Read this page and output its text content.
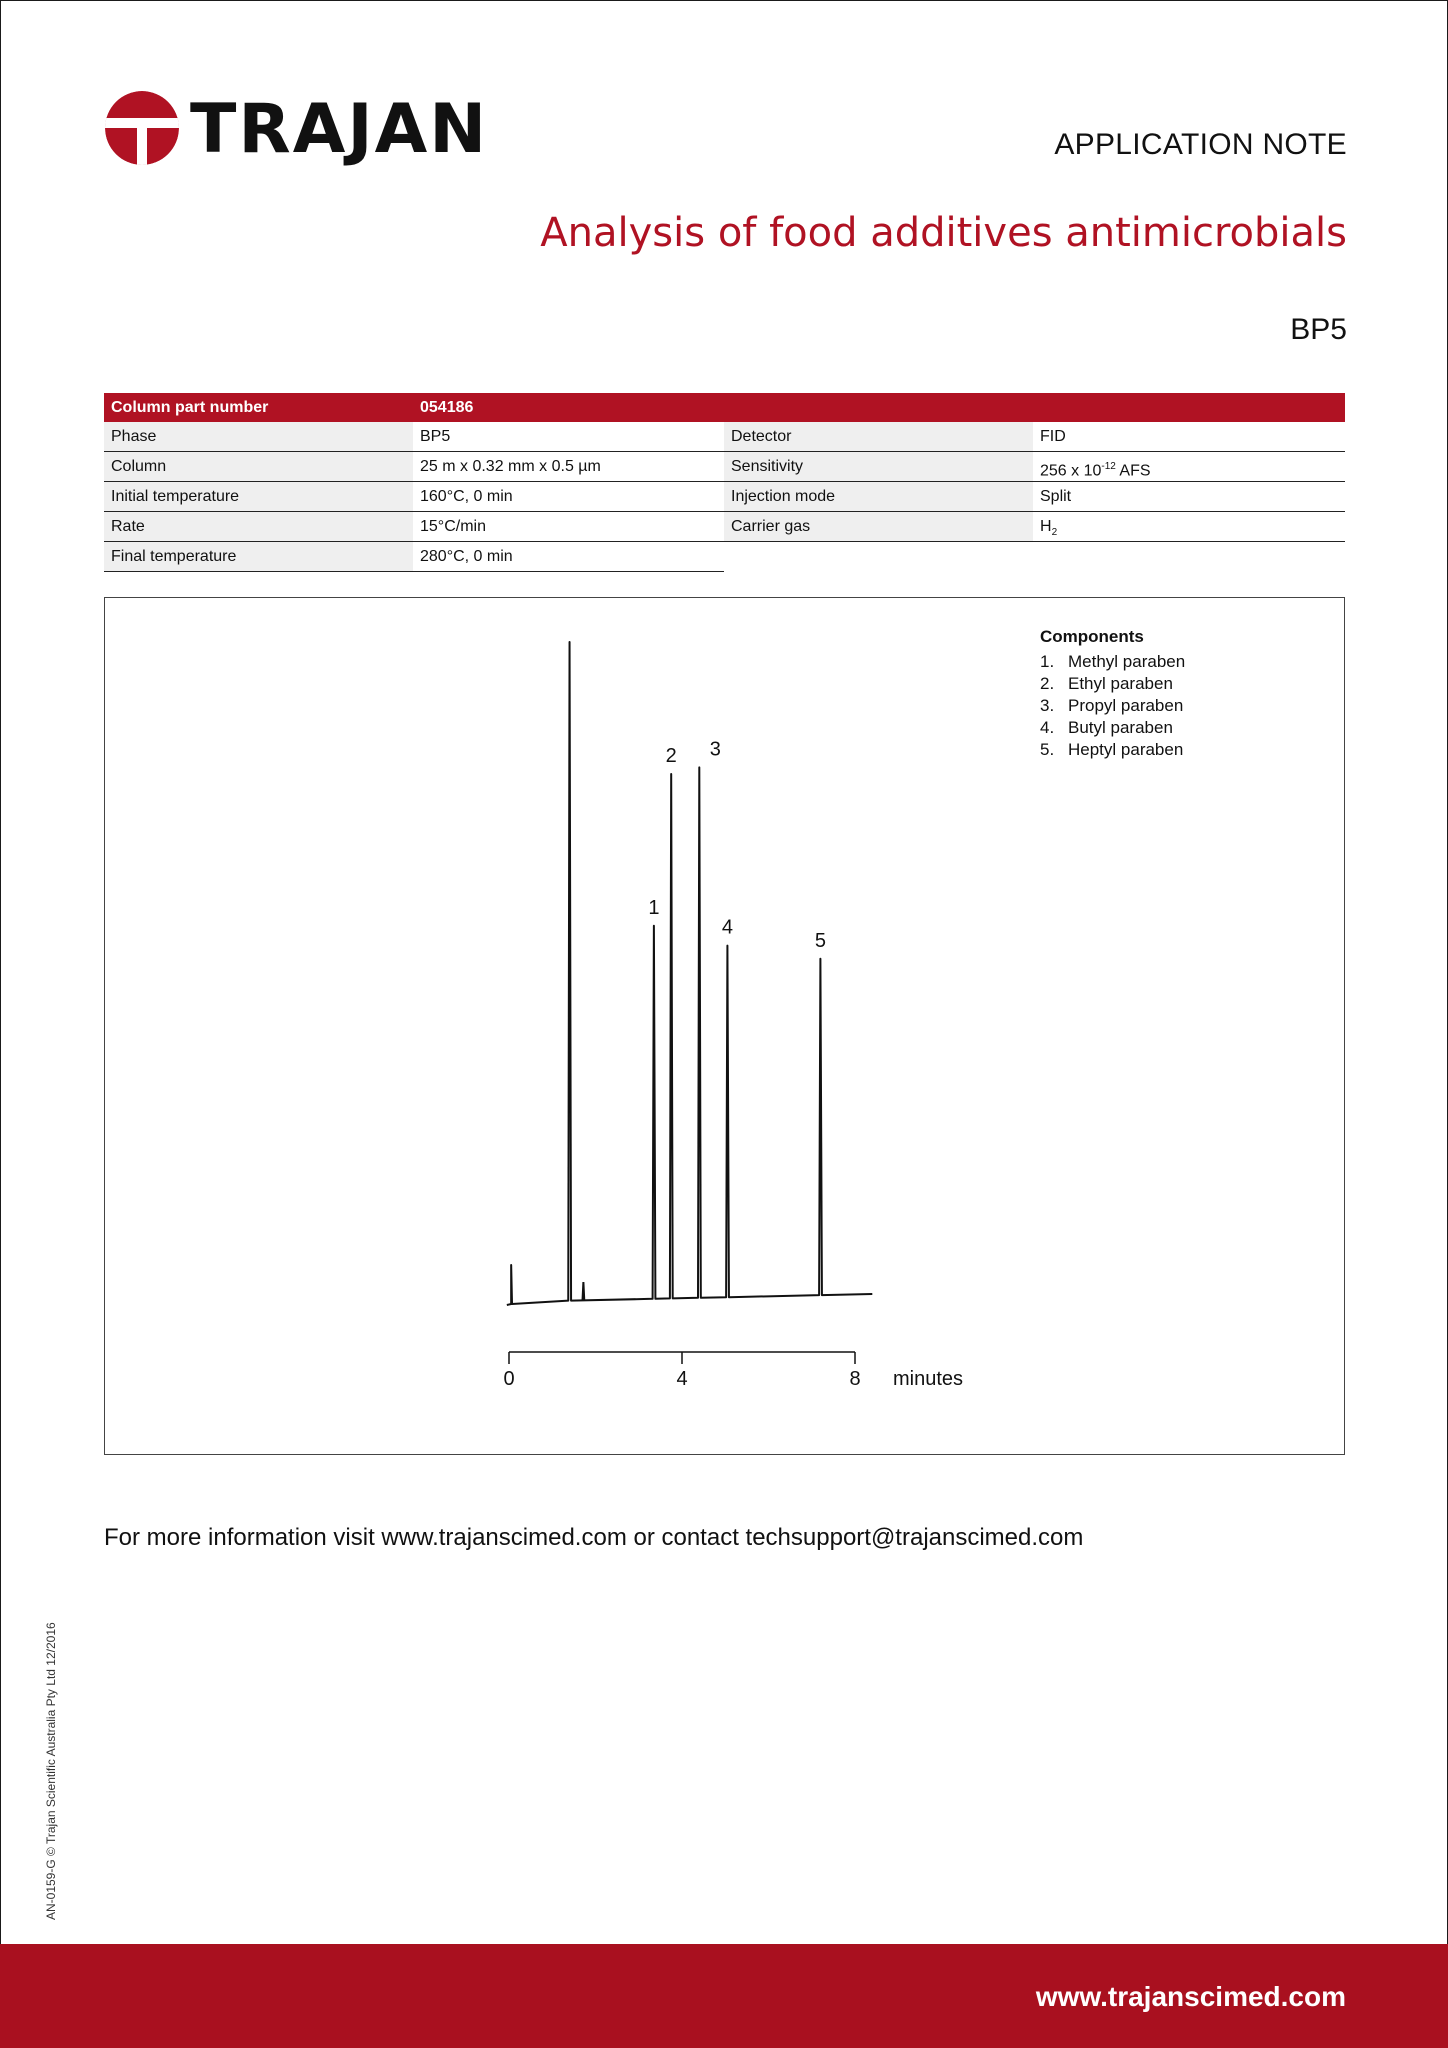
TRAJAN	APPLICATION NOTE
Analysis of food additives antimicrobials
BP5
Column part number	054186
Phase	BP5
Column	25 m x 0.32 mm x 0.5 µm
Initial temperature	160°C, 0 min
Rate	15°C/min
Final temperature	280°C, 0 min
Detector	FID
Sensitivity	256 x $10^{-12}$ AFS
Injection mode	Split
Carrier gas	$H_2$
1
2 3
4
5
0	4	8 minutes
Components
1. Methyl paraben
2. Ethyl paraben
3. Propyl paraben
4. Butyl paraben
5. Heptyl paraben
For more information visit www.trajanscimed.com or contact techsupport@trajanscimed.com
AN-0159-G © Trajan Scientific Australia Pty Ltd 12/2016
www.trajanscimed.com
